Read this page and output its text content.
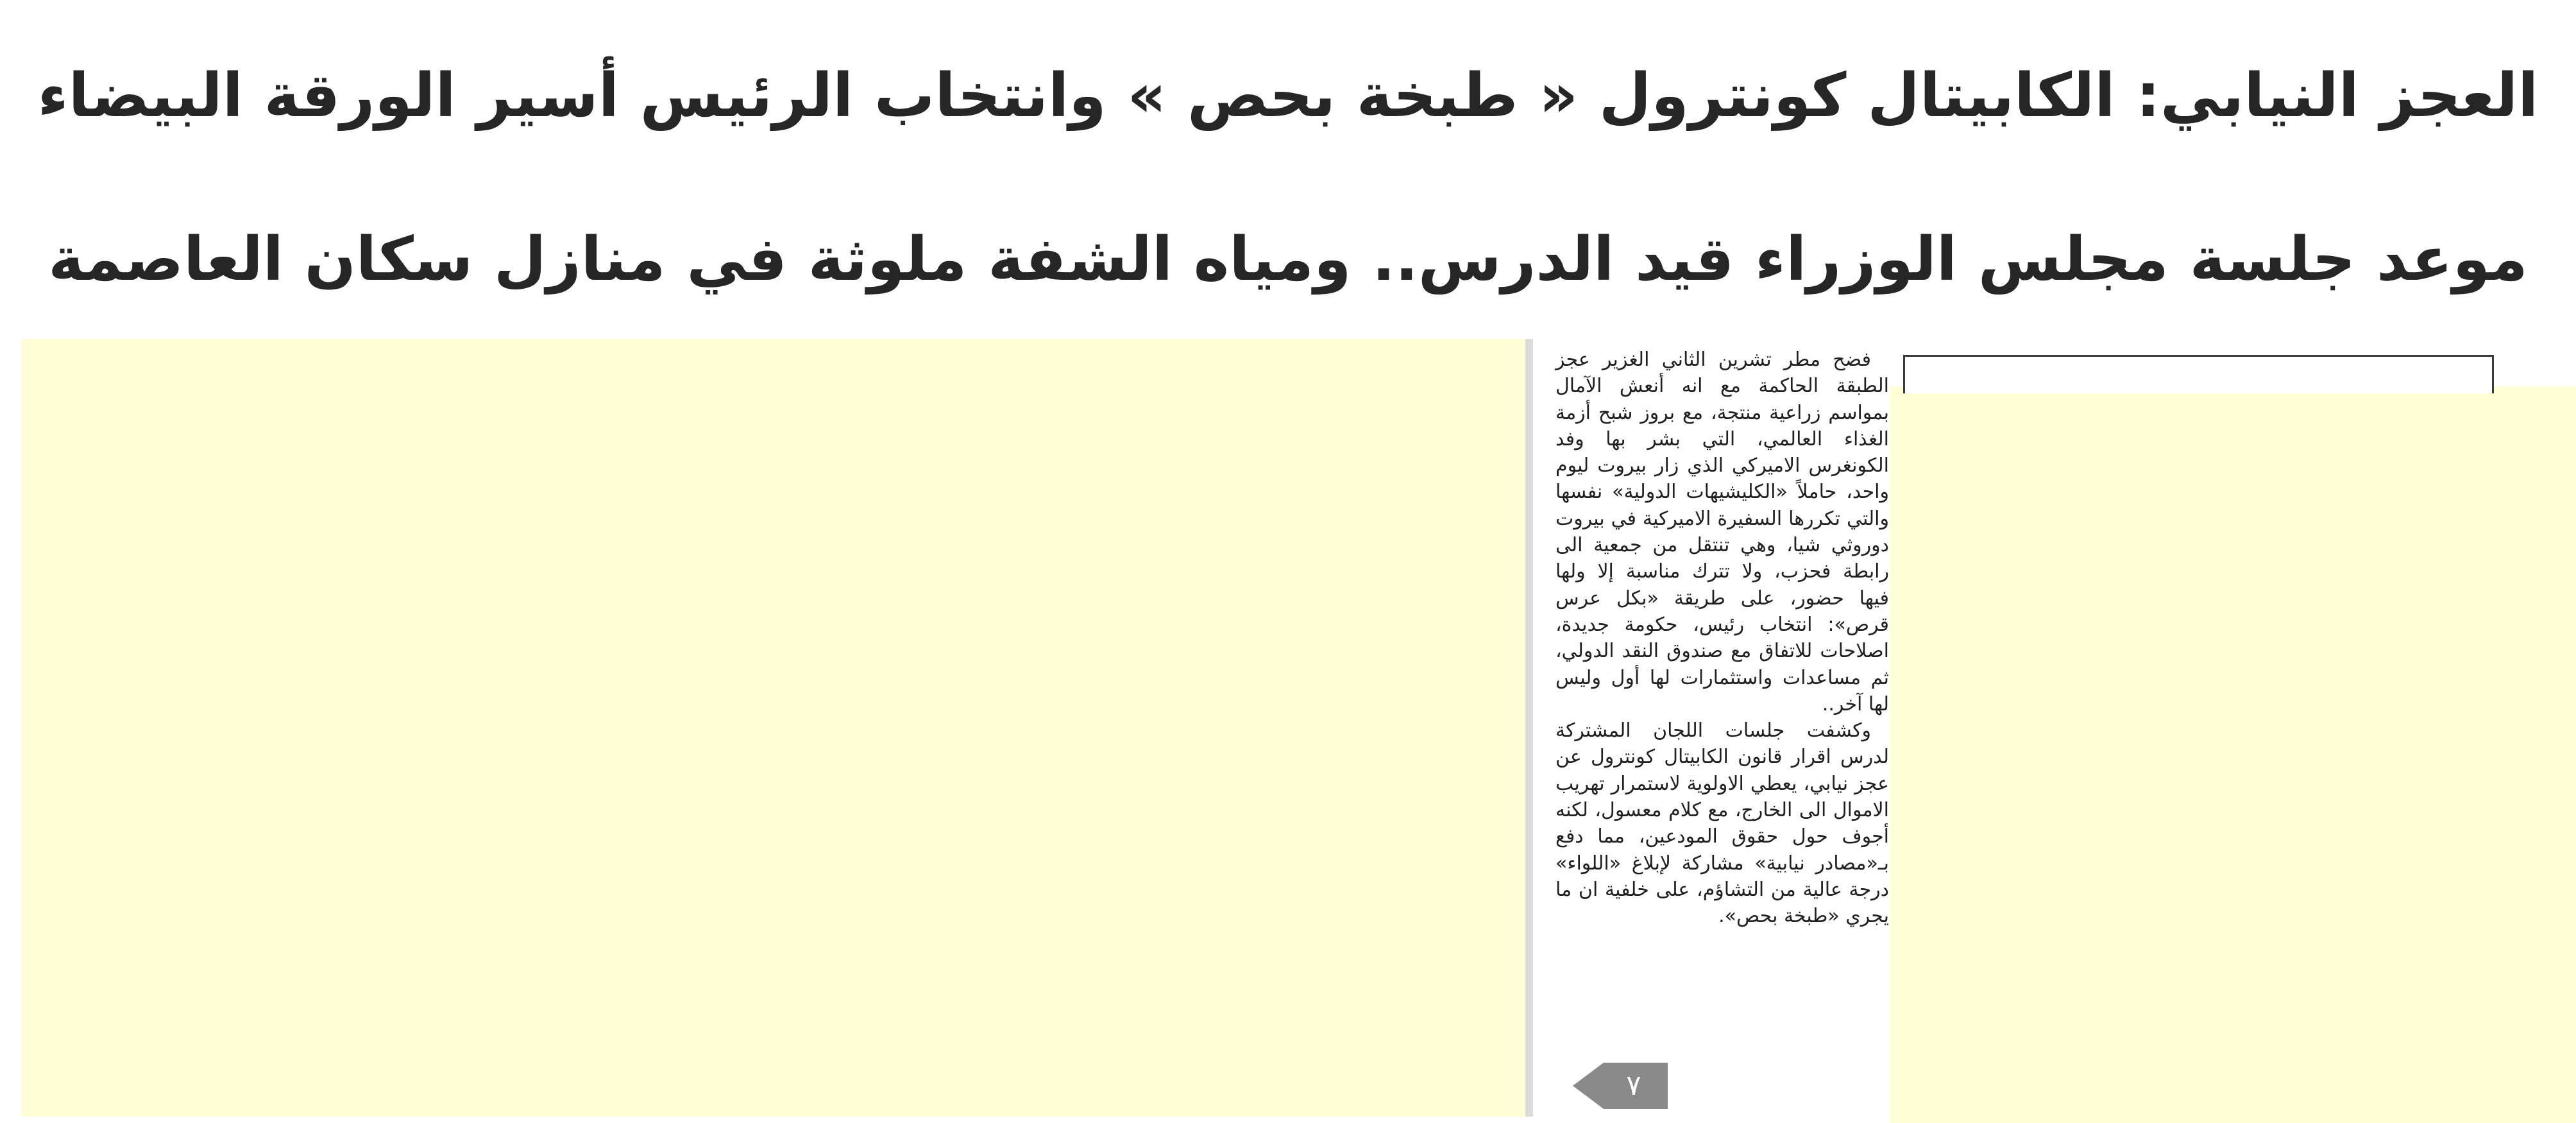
العجز النيابي: الكابيتال كونترول « طبخة بحص » وانتخاب الرئيس أسير الورقة البيضاء
موعد جلسة مجلس الوزراء قيد الدرس.. ومياه الشفة ملوثة في منازل سكان العاصمة

فضح مطر تشرين الثاني الغزير عجز الطبقة الحاكمة مع انه أنعش الآمال بمواسم زراعية منتجة، مع بروز شبح أزمة الغذاء العالمي، التي بشر بها وفد الكونغرس الاميركي الذي زار بيروت ليوم واحد، حاملاً «الكليشيهات الدولية» نفسها والتي تكررها السفيرة الاميركية في بيروت دوروثي شيا، وهي تنتقل من جمعية الى رابطة فحزب، ولا تترك مناسبة إلا ولها فيها حضور، على طريقة «بكل عرس قرص»: انتخاب رئيس، حكومة جديدة، اصلاحات للاتفاق مع صندوق النقد الدولي، ثم مساعدات واستثمارات لها أول وليس لها آخر..

وكشفت جلسات اللجان المشتركة لدرس اقرار قانون الكابيتال كونترول عن عجز نيابي، يعطي الاولوية لاستمرار تهريب الاموال الى الخارج، مع كلام معسول، لكنه أجوف حول حقوق المودعين، مما دفع بـ«مصادر نيابية» مشاركة لإبلاغ «اللواء» درجة عالية من التشاؤم، على خلفية ان ما يجري «طبخة بحص».

٧
